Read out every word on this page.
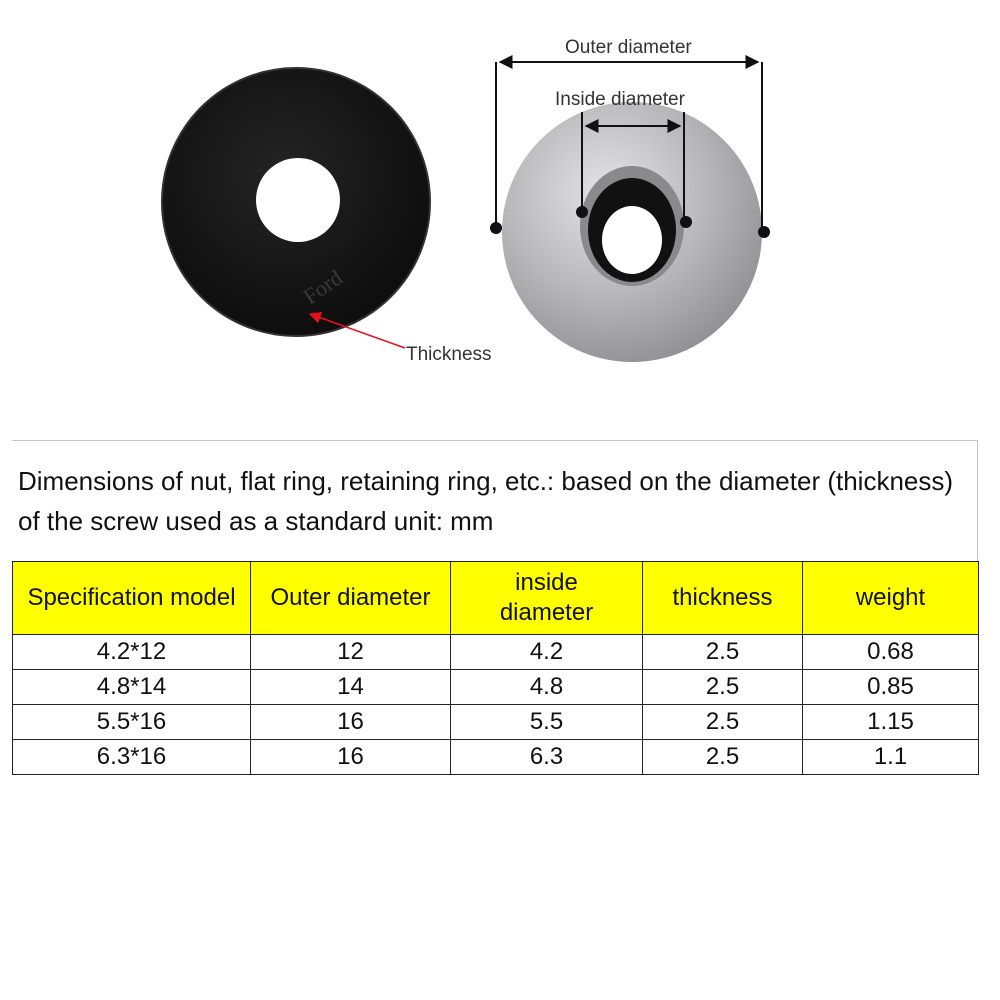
Ford
Thickness
Outer diameter
Inside diameter

Dimensions of nut, flat ring, retaining ring, etc.: based on the diameter (thickness) of the screw used as a standard unit: mm

Specification model	Outer diameter	inside diameter	thickness	weight
4.2*12	12	4.2	2.5	0.68
4.8*14	14	4.8	2.5	0.85
5.5*16	16	5.5	2.5	1.15
6.3*16	16	6.3	2.5	1.1
